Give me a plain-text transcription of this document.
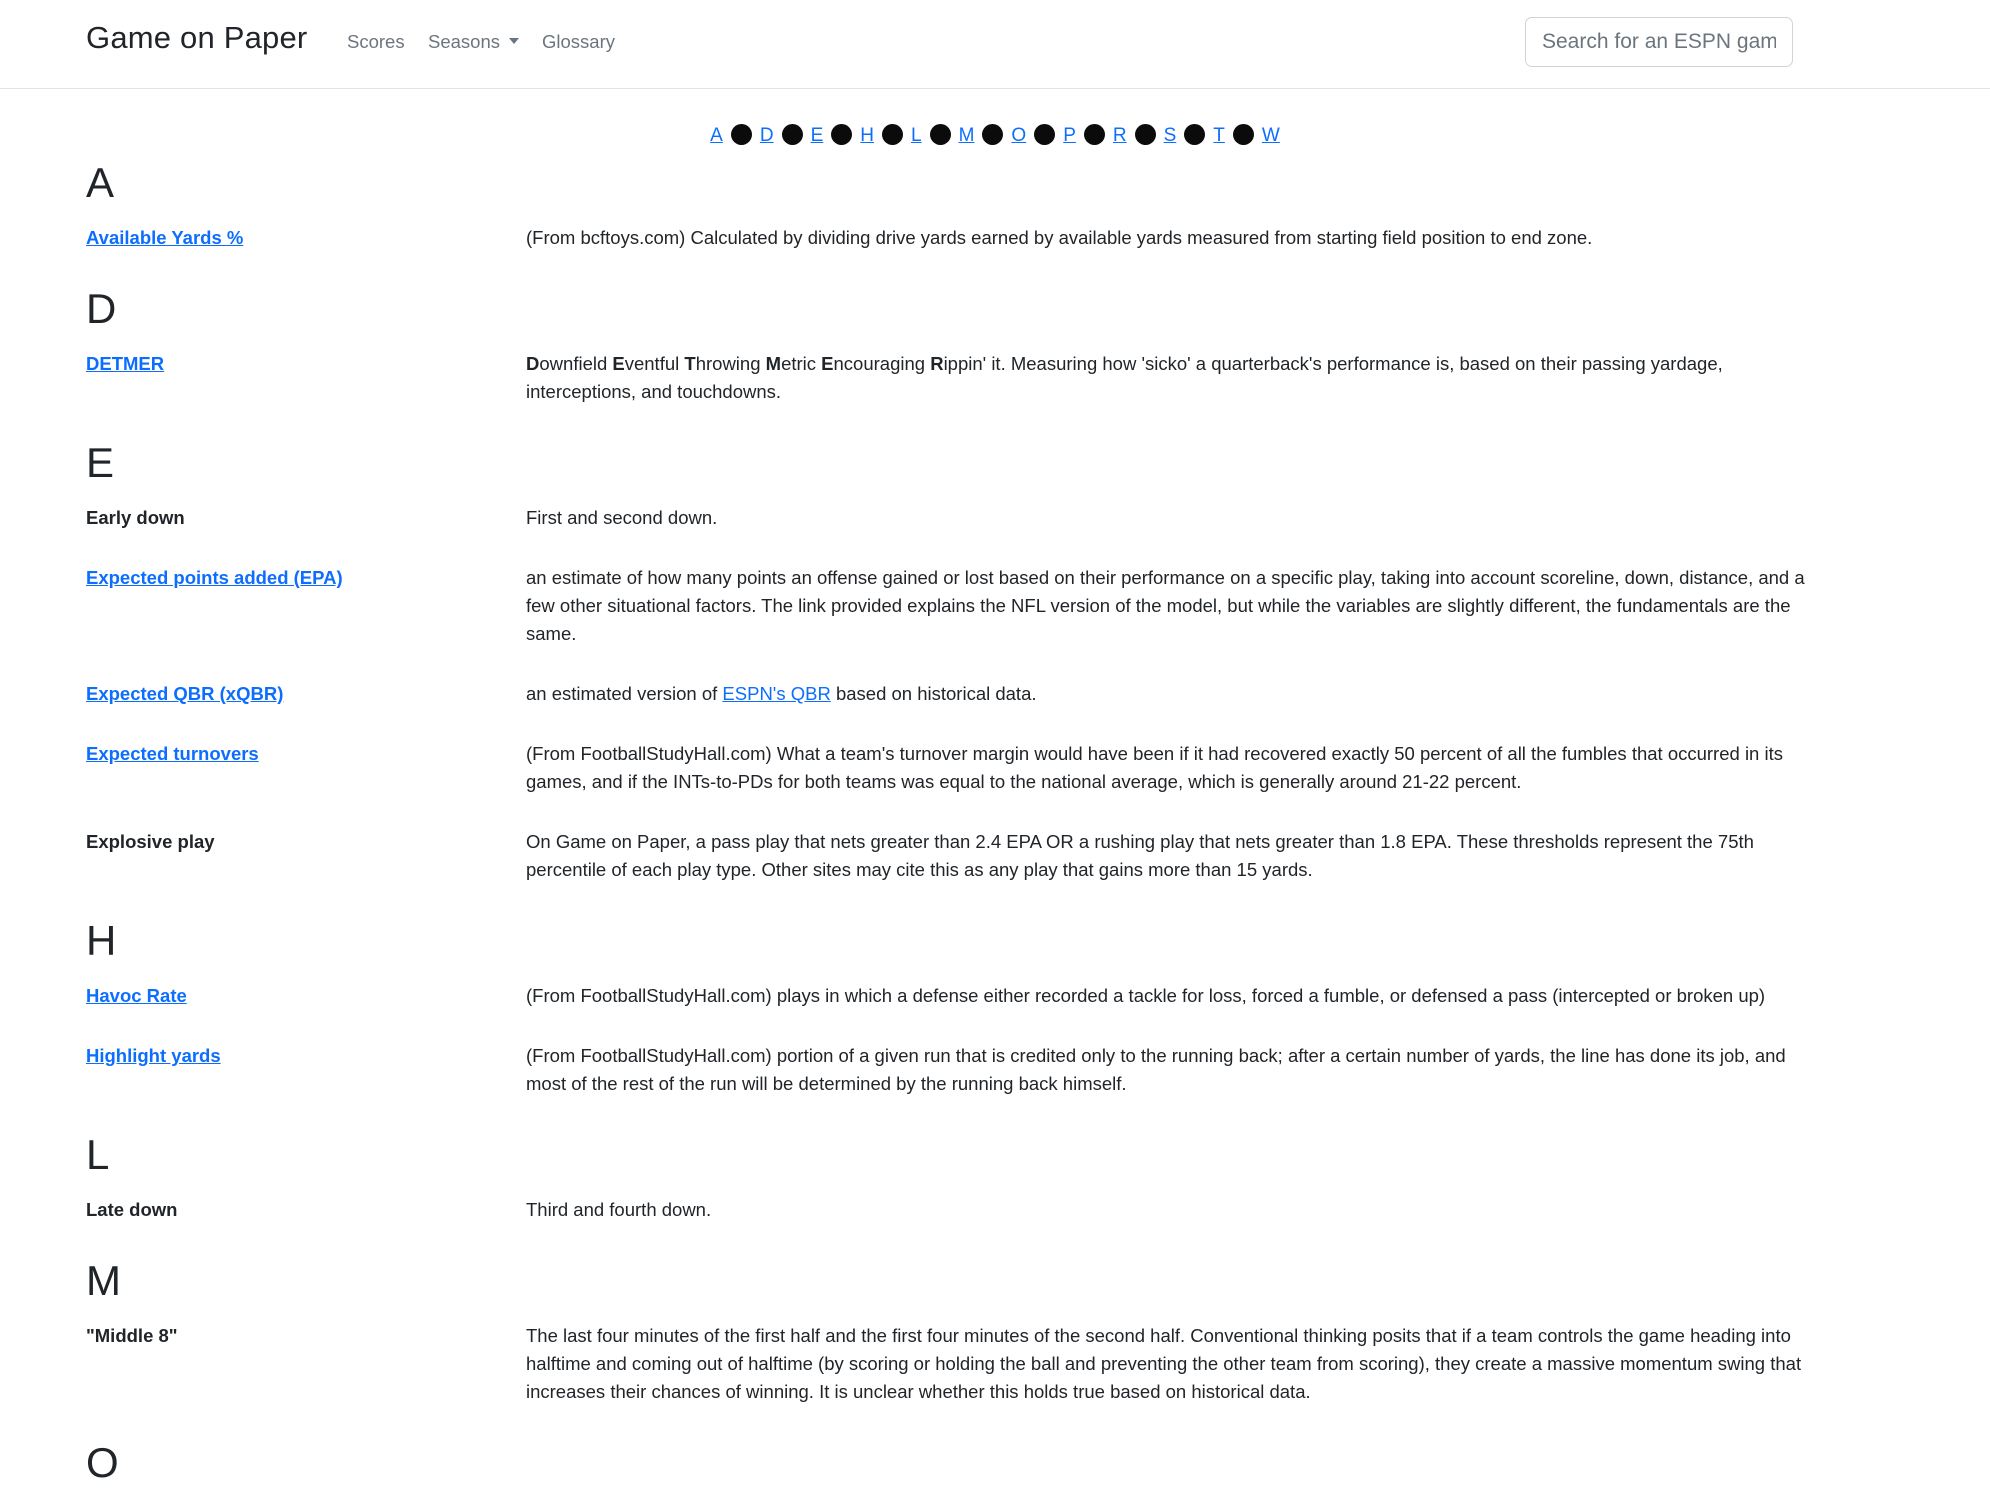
Game on Paper Scores Seasons	Glossary
Search for an ESPN game
A D E H L M O P R S T W
A
Available Yards %	(From bcftoys.com) Calculated by dividing drive yards earned by available yards measured from starting field position to end zone.
D
DETMER	Downfield Eventful Throwing Metric Encouraging Rippin' it. Measuring how 'sicko' a quarterback's performance is, based on their passing yardage, interceptions, and touchdowns.
E
Early down	First and second down.
Expected points added (EPA)	an estimate of how many points an offense gained or lost based on their performance on a specific play, taking into account scoreline, down, distance, and a few other situational factors. The link provided explains the NFL version of the model, but while the variables are slightly different, the fundamentals are the same.
Expected QBR (xQBR)	an estimated version of ESPN's QBR based on historical data.
Expected turnovers	(From FootballStudyHall.com) What a team's turnover margin would have been if it had recovered exactly 50 percent of all the fumbles that occurred in its games, and if the INTs-to-PDs for both teams was equal to the national average, which is generally around 21-22 percent.
Explosive play	On Game on Paper, a pass play that nets greater than 2.4 EPA OR a rushing play that nets greater than 1.8 EPA. These thresholds represent the 75th percentile of each play type. Other sites may cite this as any play that gains more than 15 yards.
H
Havoc Rate	(From FootballStudyHall.com) plays in which a defense either recorded a tackle for loss, forced a fumble, or defensed a pass (intercepted or broken up)
Highlight yards	(From FootballStudyHall.com) portion of a given run that is credited only to the running back; after a certain number of yards, the line has done its job, and most of the rest of the run will be determined by the running back himself.
L
Late down	Third and fourth down.
M
"Middle 8"	The last four minutes of the first half and the first four minutes of the second half. Conventional thinking posits that if a team controls the game heading into halftime and coming out of halftime (by scoring or holding the ball and preventing the other team from scoring), they create a massive momentum swing that increases their chances of winning. It is unclear whether this holds true based on historical data.
O
